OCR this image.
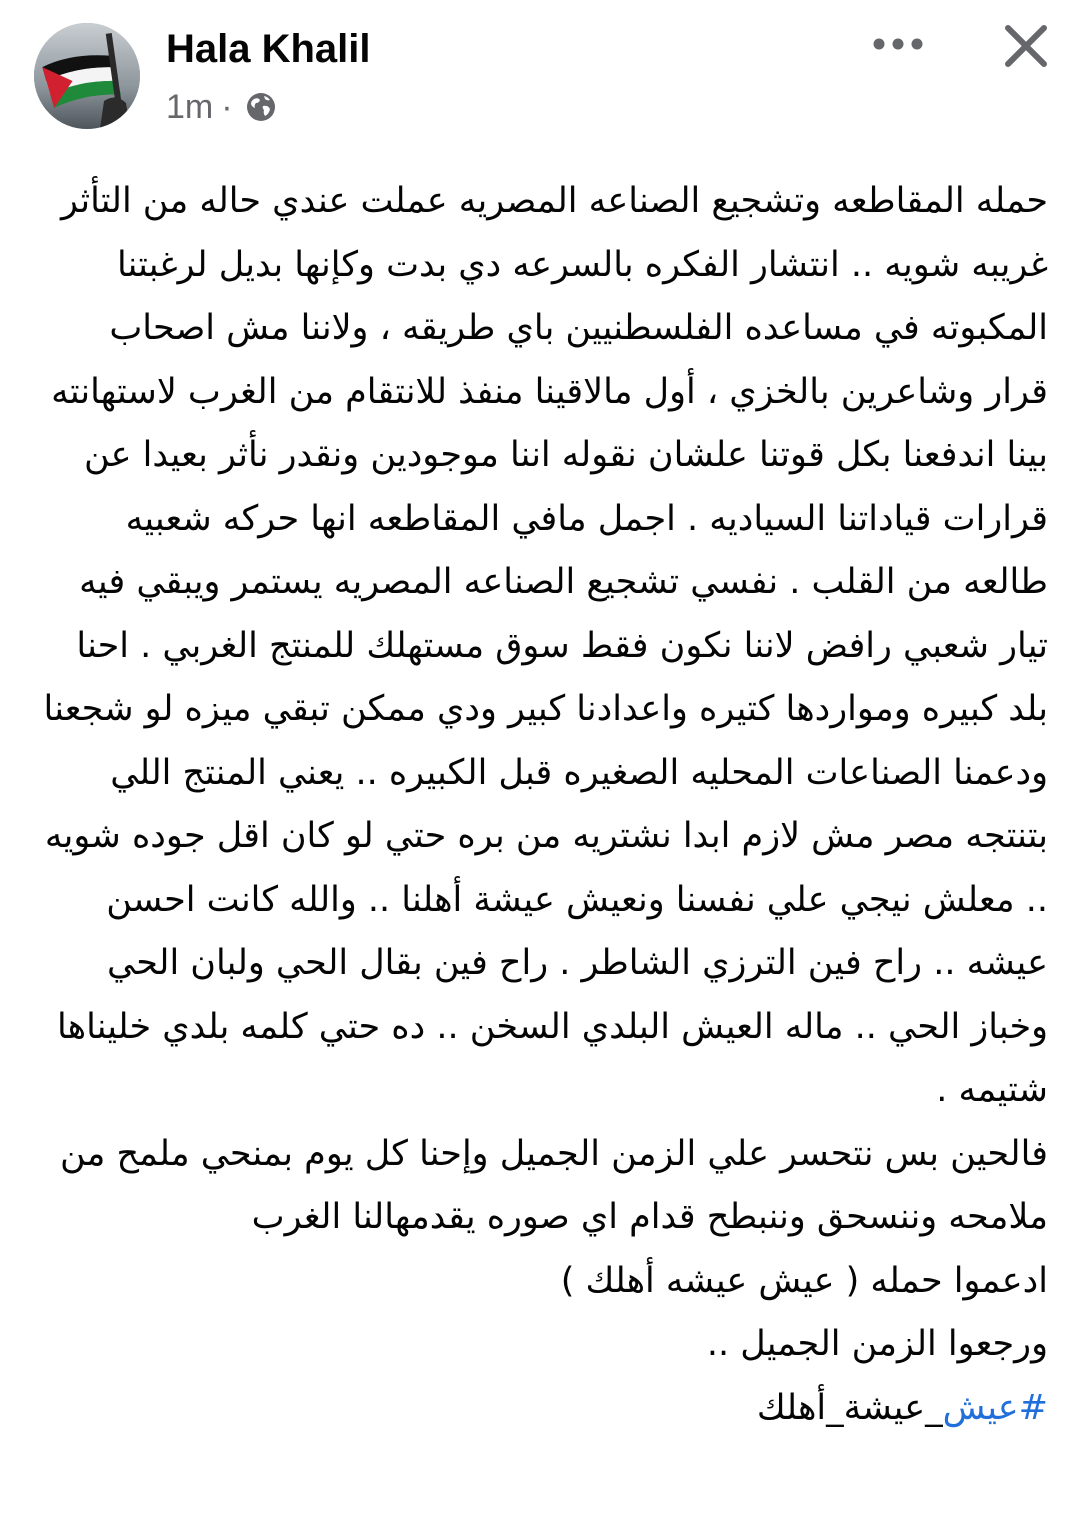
Hala Khalil
1m ·

حمله المقاطعه وتشجيع الصناعه المصريه عملت عندي حاله من التأثر غريبه شويه .. انتشار الفكره بالسرعه دي بدت وكإنها بديل لرغبتنا المكبوته في مساعده الفلسطنيين باي طريقه ، ولاننا مش اصحاب قرار وشاعرين بالخزي ، أول مالاقينا منفذ للانتقام من الغرب لاستهانته بينا اندفعنا بكل قوتنا علشان نقوله اننا موجودين ونقدر نأثر بعيدا عن قرارات قياداتنا السياديه . اجمل مافي المقاطعه انها حركه شعبيه طالعه من القلب . نفسي تشجيع الصناعه المصريه يستمر ويبقي فيه تيار شعبي رافض لاننا نكون فقط سوق مستهلك للمنتج الغربي . احنا بلد كبيره ومواردها كتيره واعدادنا كبير ودي ممكن تبقي ميزه لو شجعنا ودعمنا الصناعات المحليه الصغيره قبل الكبيره .. يعني المنتج اللي بتنتجه مصر مش لازم ابدا نشتريه من بره حتي لو كان اقل جوده شويه .. معلش نيجي علي نفسنا ونعيش عيشة أهلنا .. والله كانت احسن عيشه .. راح فين الترزي الشاطر . راح فين بقال الحي ولبان الحي وخباز الحي .. ماله العيش البلدي السخن .. ده حتي كلمه بلدي خليناها شتيمه .

فالحين بس نتحسر علي الزمن الجميل وإحنا كل يوم بمنحي ملمح من ملامحه وننسحق وننبطح قدام اي صوره يقدمهالنا الغرب

ادعموا حمله ( عيش عيشه أهلك )

ورجعوا الزمن الجميل ..

#عيش_عيشة_أهلك
